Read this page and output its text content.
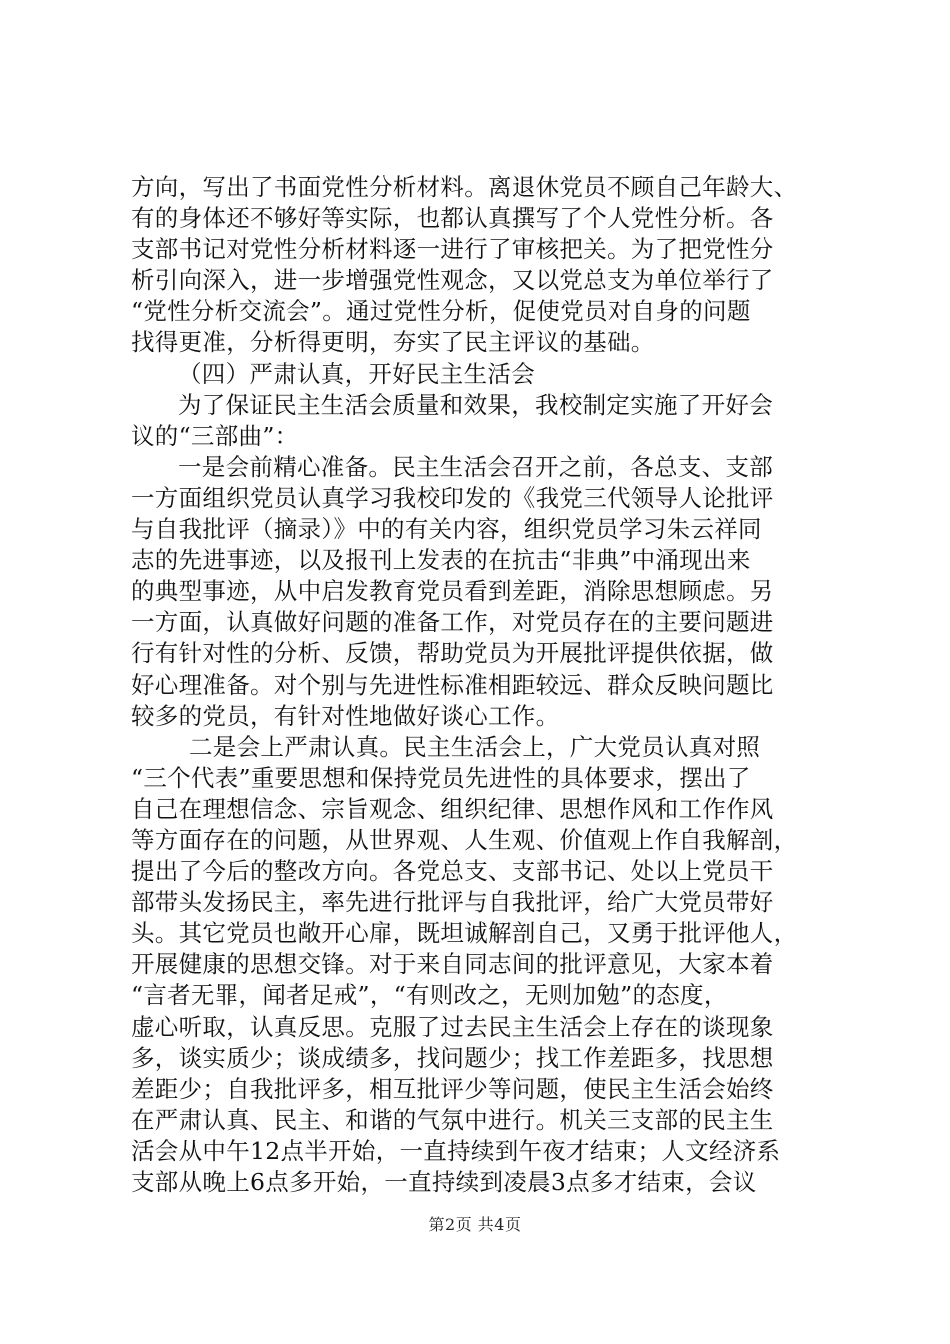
方向，写出了书面党性分析材料。离退休党员不顾自己年龄大、
有的身体还不够好等实际，也都认真撰写了个人党性分析。各
支部书记对党性分析材料逐一进行了审核把关。为了把党性分
析引向深入，进一步增强党性观念，又以党总支为单位举行了
“党性分析交流会”。通过党性分析，促使党员对自身的问题
找得更准，分析得更明，夯实了民主评议的基础。
（四）严肃认真，开好民主生活会
为了保证民主生活会质量和效果，我校制定实施了开好会
议的“三部曲”：
一是会前精心准备。民主生活会召开之前，各总支、支部
一方面组织党员认真学习我校印发的《我党三代领导人论批评
与自我批评（摘录）》中的有关内容，组织党员学习朱云祥同
志的先进事迹，以及报刊上发表的在抗击“非典”中涌现出来
的典型事迹，从中启发教育党员看到差距，消除思想顾虑。另
一方面，认真做好问题的准备工作，对党员存在的主要问题进
行有针对性的分析、反馈，帮助党员为开展批评提供依据，做
好心理准备。对个别与先进性标准相距较远、群众反映问题比
较多的党员，有针对性地做好谈心工作。
二是会上严肃认真。民主生活会上，广大党员认真对照
“三个代表”重要思想和保持党员先进性的具体要求，摆出了
自己在理想信念、宗旨观念、组织纪律、思想作风和工作作风
等方面存在的问题，从世界观、人生观、价值观上作自我解剖，
提出了今后的整改方向。各党总支、支部书记、处以上党员干
部带头发扬民主，率先进行批评与自我批评，给广大党员带好
头。其它党员也敞开心扉，既坦诚解剖自己，又勇于批评他人，
开展健康的思想交锋。对于来自同志间的批评意见，大家本着
“言者无罪，闻者足戒”，“有则改之，无则加勉”的态度，
虚心听取，认真反思。克服了过去民主生活会上存在的谈现象
多，谈实质少；谈成绩多，找问题少；找工作差距多，找思想
差距少；自我批评多，相互批评少等问题，使民主生活会始终
在严肃认真、民主、和谐的气氛中进行。机关三支部的民主生
活会从中午12点半开始，一直持续到午夜才结束；人文经济系
支部从晚上6点多开始，一直持续到凌晨3点多才结束，会议
第2页 共4页
